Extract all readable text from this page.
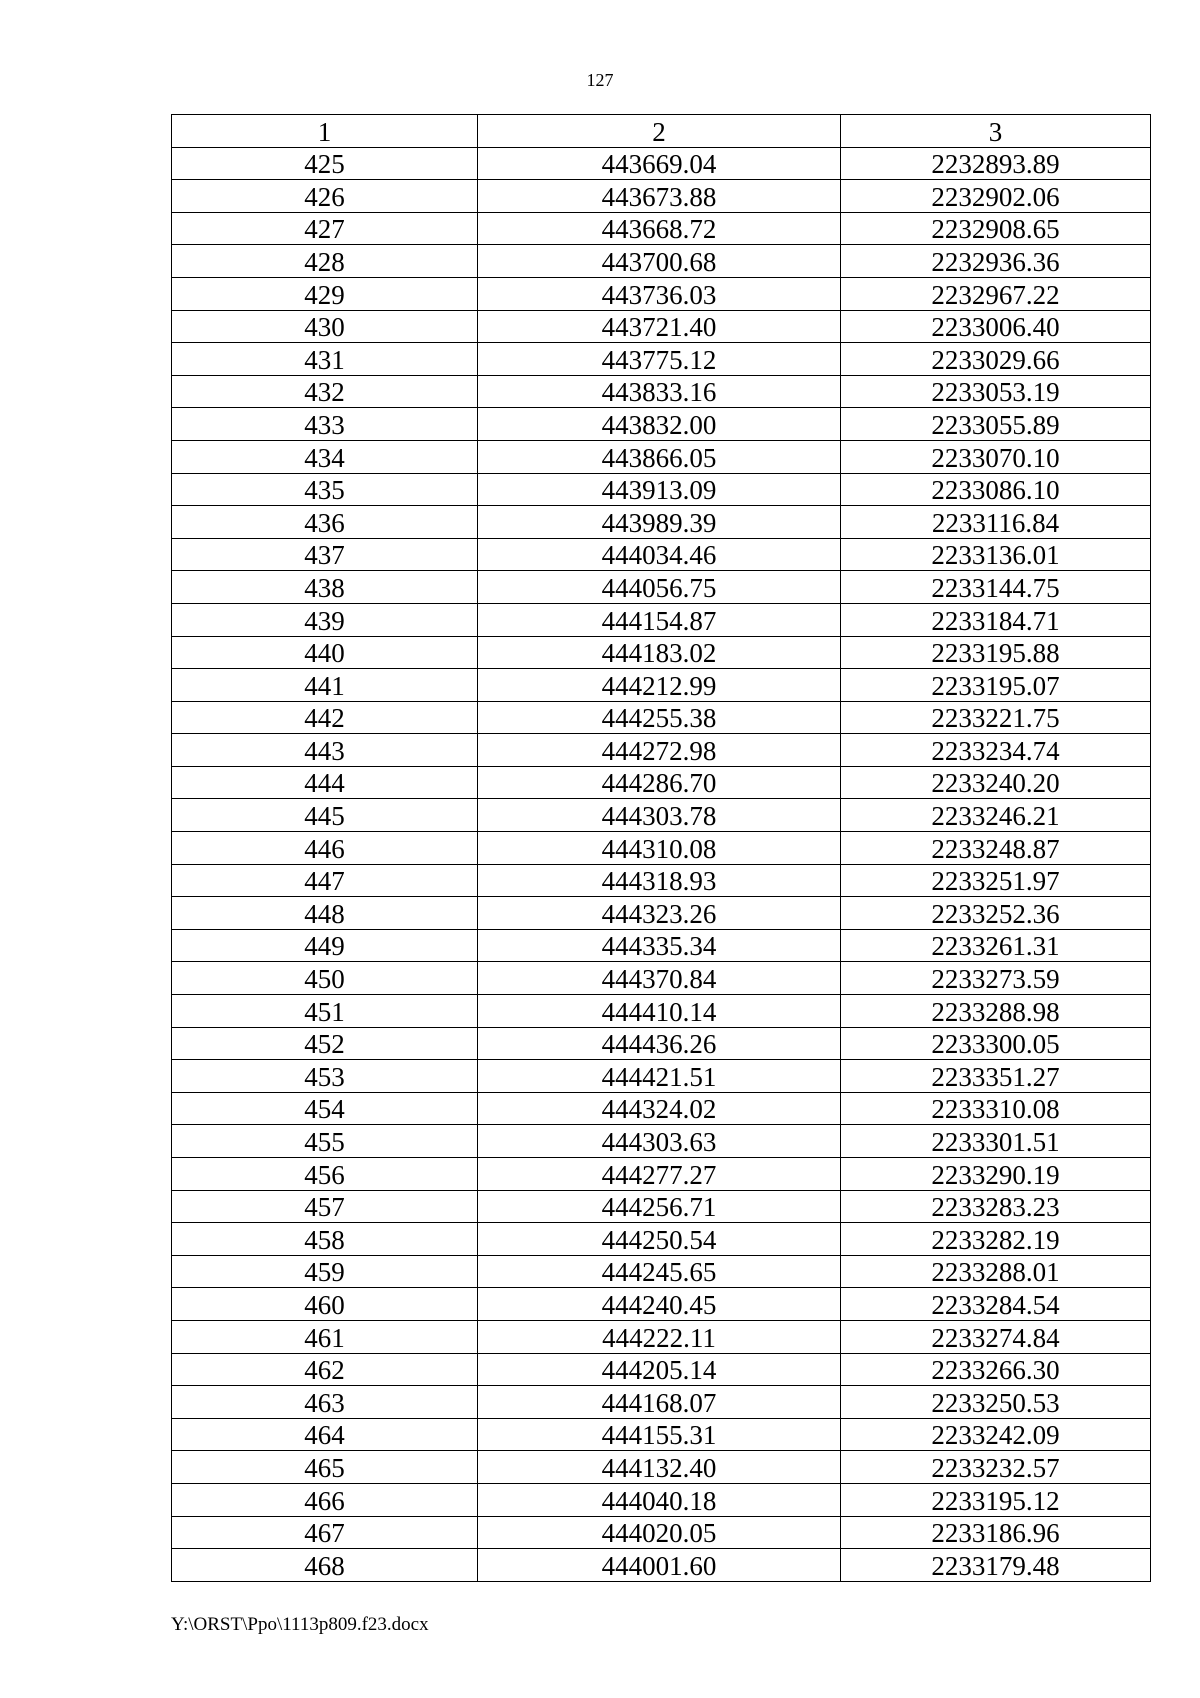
127
1	2	3
425	443669.04	2232893.89
426	443673.88	2232902.06
427	443668.72	2232908.65
428	443700.68	2232936.36
429	443736.03	2232967.22
430	443721.40	2233006.40
431	443775.12	2233029.66
432	443833.16	2233053.19
433	443832.00	2233055.89
434	443866.05	2233070.10
435	443913.09	2233086.10
436	443989.39	2233116.84
437	444034.46	2233136.01
438	444056.75	2233144.75
439	444154.87	2233184.71
440	444183.02	2233195.88
441	444212.99	2233195.07
442	444255.38	2233221.75
443	444272.98	2233234.74
444	444286.70	2233240.20
445	444303.78	2233246.21
446	444310.08	2233248.87
447	444318.93	2233251.97
448	444323.26	2233252.36
449	444335.34	2233261.31
450	444370.84	2233273.59
451	444410.14	2233288.98
452	444436.26	2233300.05
453	444421.51	2233351.27
454	444324.02	2233310.08
455	444303.63	2233301.51
456	444277.27	2233290.19
457	444256.71	2233283.23
458	444250.54	2233282.19
459	444245.65	2233288.01
460	444240.45	2233284.54
461	444222.11	2233274.84
462	444205.14	2233266.30
463	444168.07	2233250.53
464	444155.31	2233242.09
465	444132.40	2233232.57
466	444040.18	2233195.12
467	444020.05	2233186.96
468	444001.60	2233179.48
Y:\ORST\Ppo\1113p809.f23.docx
